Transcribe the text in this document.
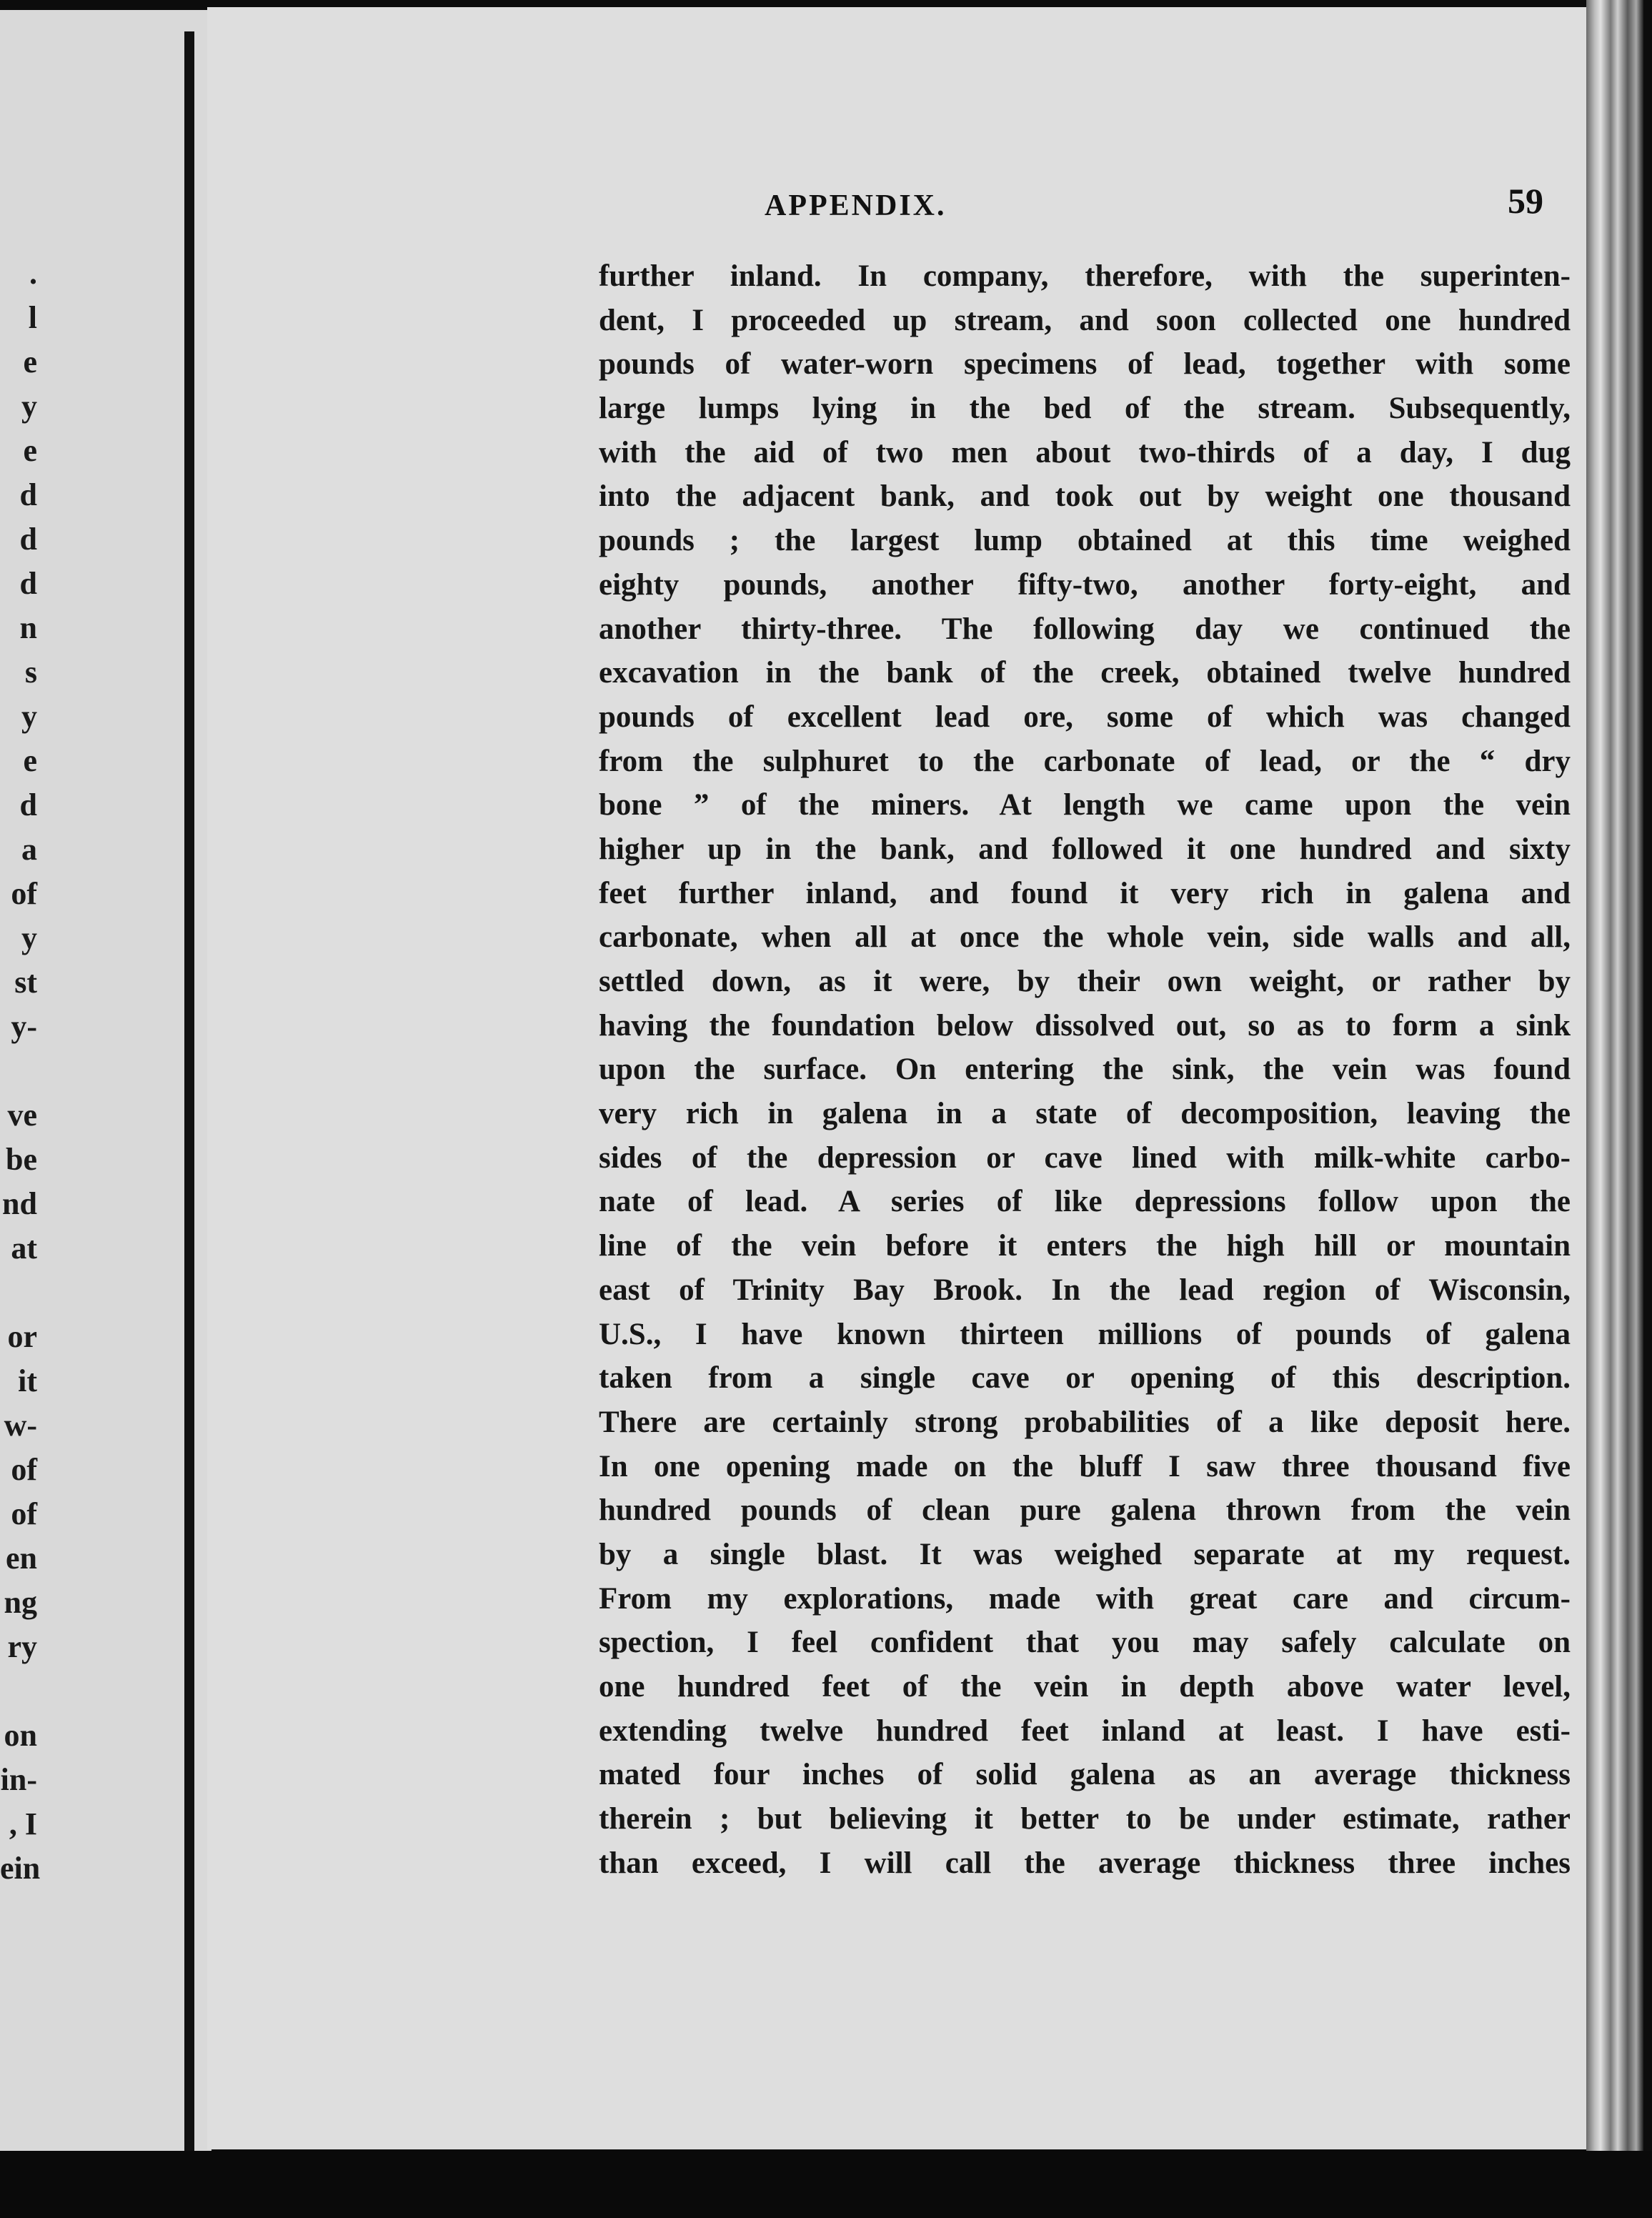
.
l
e
y
e
d
d
d
n
s
y
e
d
a
of
y
st
y-
ve
be
nd
at
or
it
w-
of
of
en
ng
ry
on
in-
, I
ein
APPENDIX.	59
further inland. In company, therefore, with the superinten-
dent, I proceeded up stream, and soon collected one hundred
pounds of water-worn specimens of lead, together with some
large lumps lying in the bed of the stream. Subsequently,
with the aid of two men about two-thirds of a day, I dug
into the adjacent bank, and took out by weight one thousand
pounds ; the largest lump obtained at this time weighed
eighty pounds, another fifty-two, another forty-eight, and
another thirty-three. The following day we continued the
excavation in the bank of the creek, obtained twelve hundred
pounds of excellent lead ore, some of which was changed
from the sulphuret to the carbonate of lead, or the “ dry
bone ” of the miners. At length we came upon the vein
higher up in the bank, and followed it one hundred and sixty
feet further inland, and found it very rich in galena and
carbonate, when all at once the whole vein, side walls and all,
settled down, as it were, by their own weight, or rather by
having the foundation below dissolved out, so as to form a sink
upon the surface. On entering the sink, the vein was found
very rich in galena in a state of decomposition, leaving the
sides of the depression or cave lined with milk-white carbo-
nate of lead. A series of like depressions follow upon the
line of the vein before it enters the high hill or mountain
east of Trinity Bay Brook. In the lead region of Wisconsin,
U.S., I have known thirteen millions of pounds of galena
taken from a single cave or opening of this description.
There are certainly strong probabilities of a like deposit here.
In one opening made on the bluff I saw three thousand five
hundred pounds of clean pure galena thrown from the vein
by a single blast. It was weighed separate at my request.
From my explorations, made with great care and circum-
spection, I feel confident that you may safely calculate on
one hundred feet of the vein in depth above water level,
extending twelve hundred feet inland at least. I have esti-
mated four inches of solid galena as an average thickness
therein ; but believing it better to be under estimate, rather
than exceed, I will call the average thickness three inches
